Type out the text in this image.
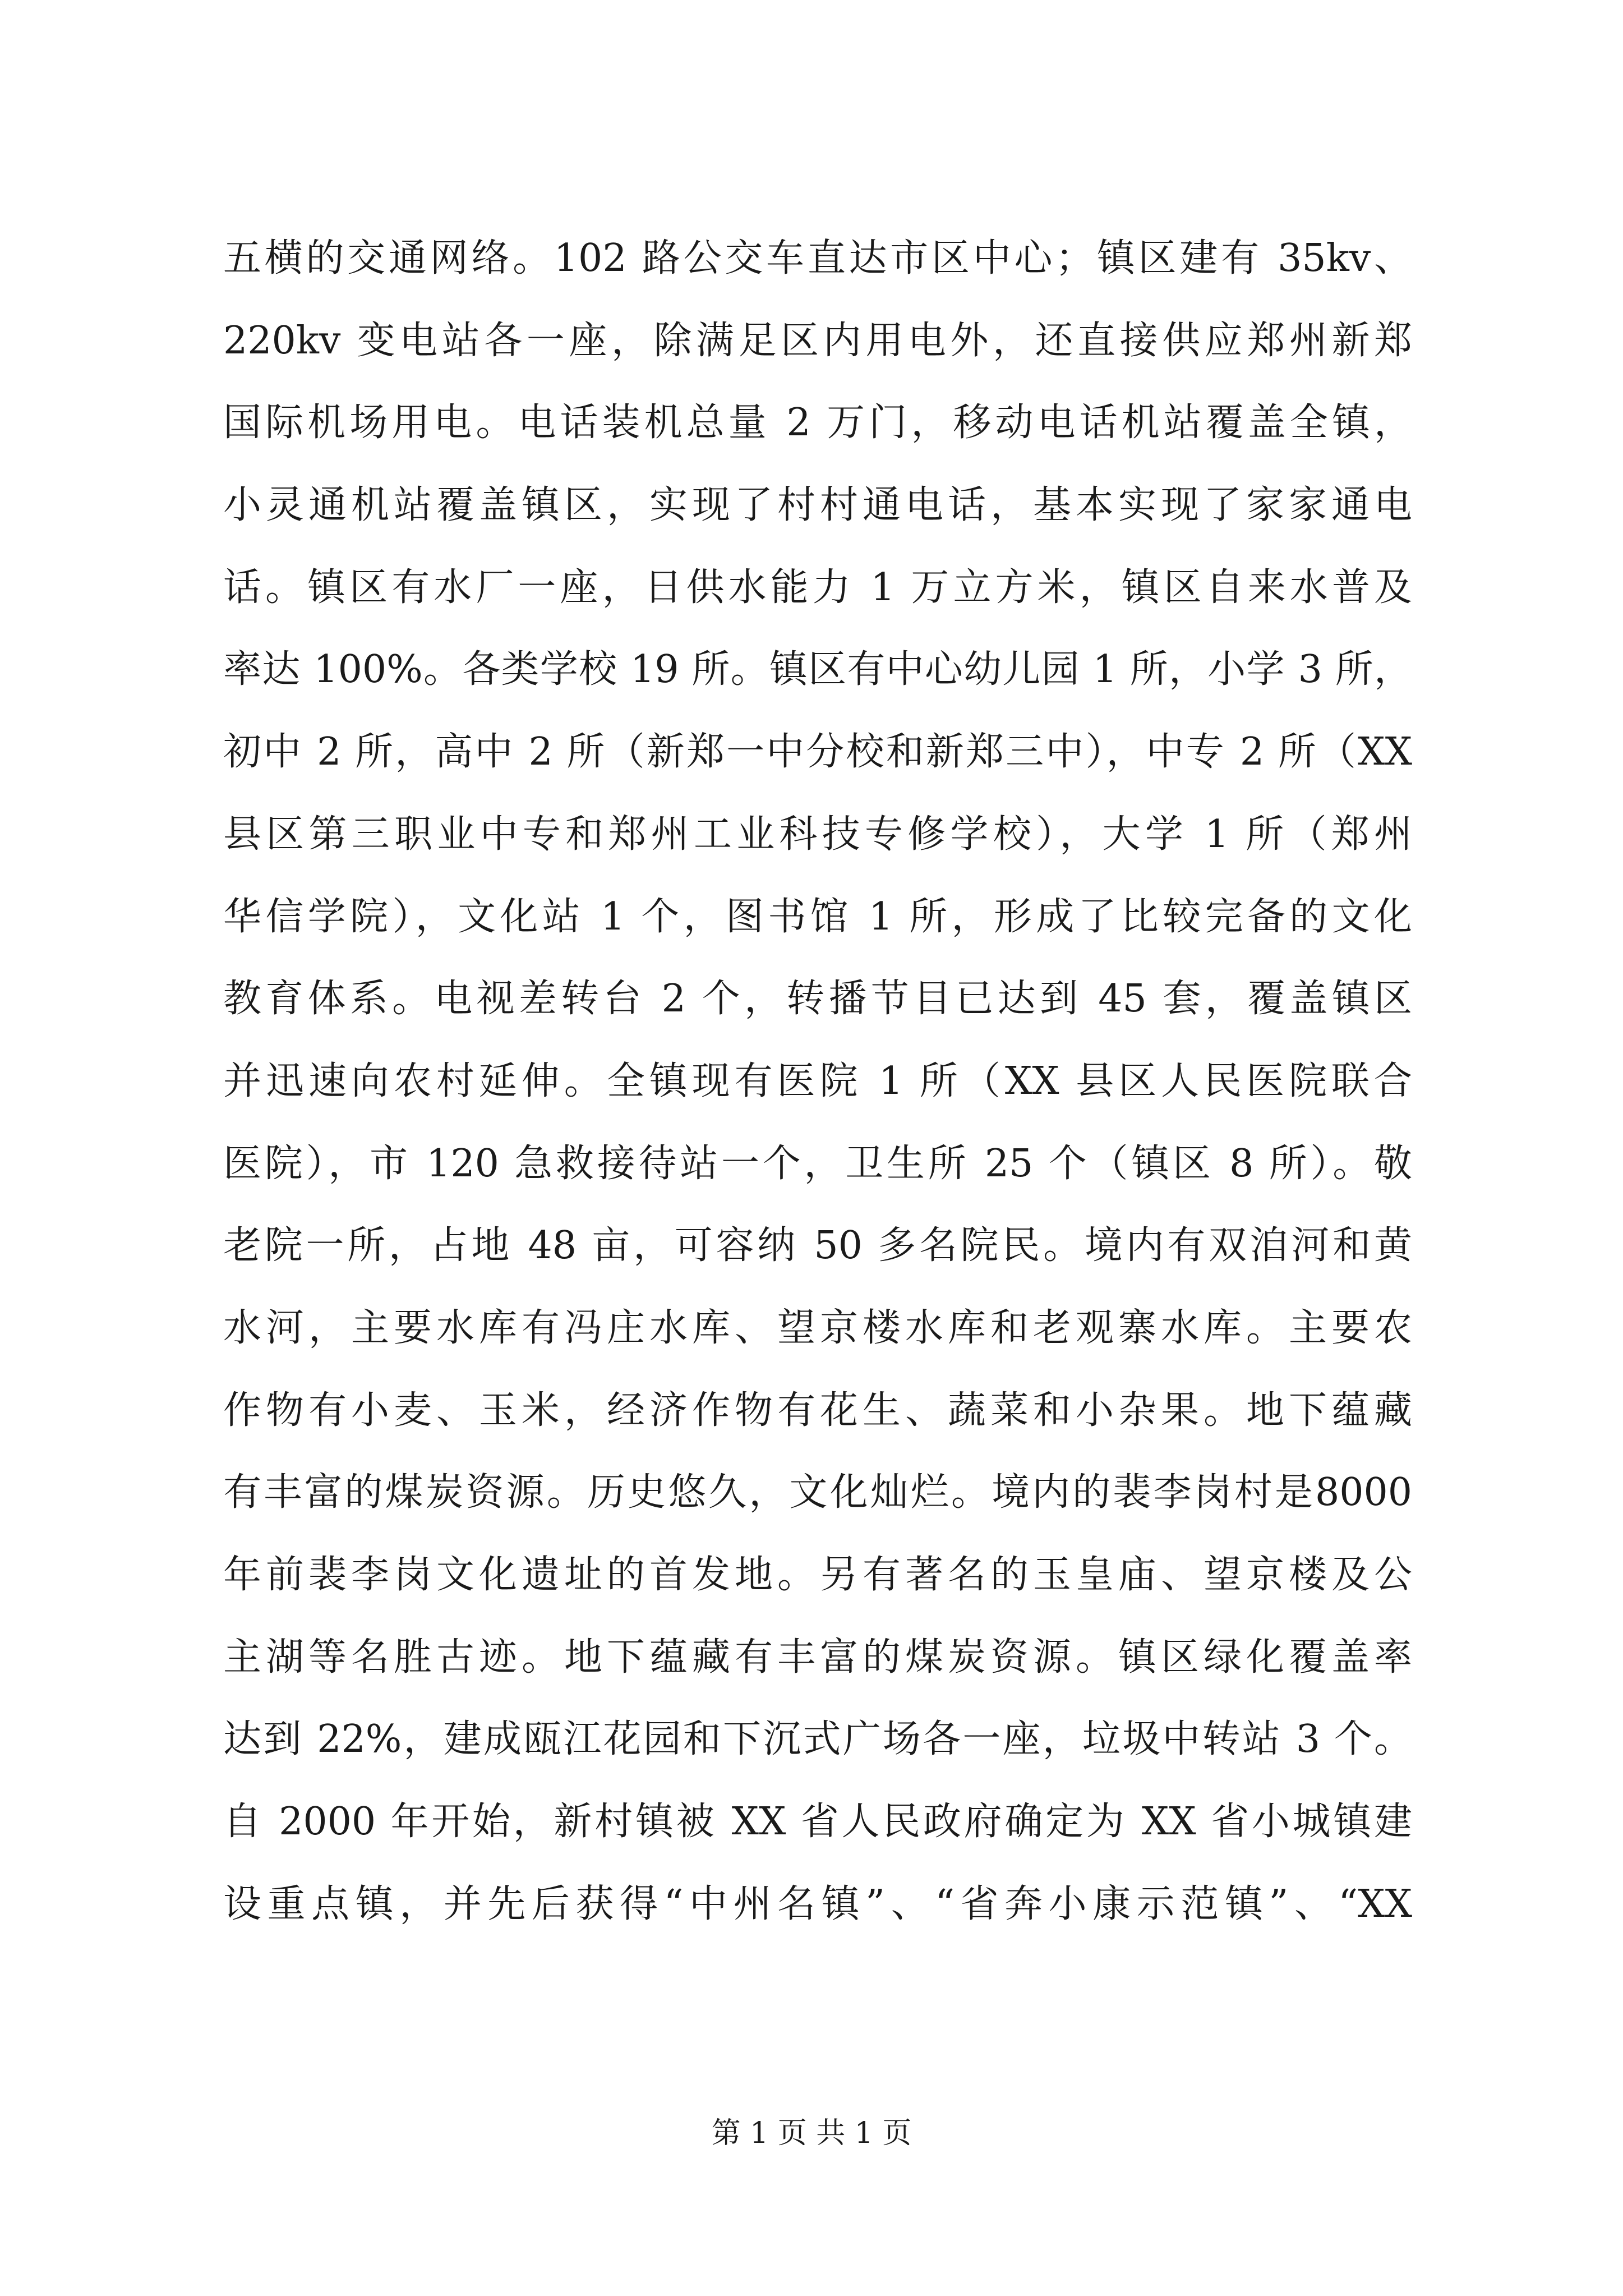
五横的交通网络。102 路公交车直达市区中心；镇区建有 35kv、
220kv 变电站各一座，除满足区内用电外，还直接供应郑州新郑
国际机场用电。电话装机总量 2 万门，移动电话机站覆盖全镇，
小灵通机站覆盖镇区，实现了村村通电话，基本实现了家家通电
话。镇区有水厂一座，日供水能力 1 万立方米，镇区自来水普及
率达 100%。各类学校 19 所。镇区有中心幼儿园 1 所，小学 3 所，
初中 2 所，高中 2 所（新郑一中分校和新郑三中），中专 2 所（XX
县区第三职业中专和郑州工业科技专修学校），大学 1 所（郑州
华信学院），文化站 1 个，图书馆 1 所，形成了比较完备的文化
教育体系。电视差转台 2 个，转播节目已达到 45 套，覆盖镇区
并迅速向农村延伸。全镇现有医院 1 所（XX 县区人民医院联合
医院），市 120 急救接待站一个，卫生所 25 个（镇区 8 所）。敬
老院一所，占地 48 亩，可容纳 50 多名院民。境内有双洎河和黄
水河，主要水库有冯庄水库、望京楼水库和老观寨水库。主要农
作物有小麦、玉米，经济作物有花生、蔬菜和小杂果。地下蕴藏
有丰富的煤炭资源。历史悠久，文化灿烂。境内的裴李岗村是8000
年前裴李岗文化遗址的首发地。另有著名的玉皇庙、望京楼及公
主湖等名胜古迹。地下蕴藏有丰富的煤炭资源。镇区绿化覆盖率
达到 22%，建成瓯江花园和下沉式广场各一座，垃圾中转站 3 个。
自 2000 年开始，新村镇被 XX 省人民政府确定为 XX 省小城镇建
设重点镇，并先后获得“中州名镇”、“省奔小康示范镇”、“XX
第 1 页 共 1 页
